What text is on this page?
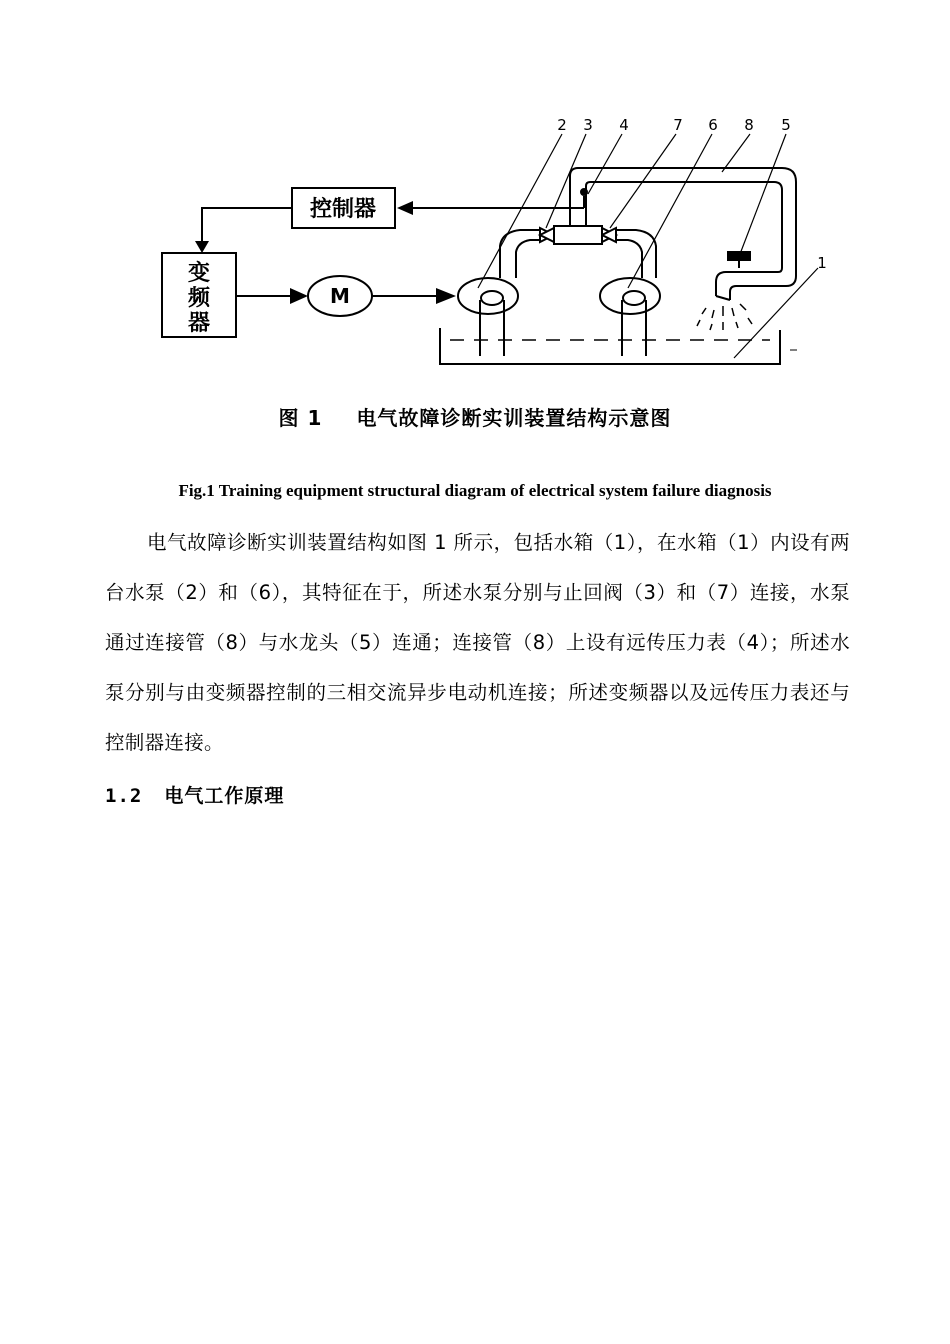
控制器
变
频
器
M
2 3 4	7 6 8 5
1
图 1 电气故障诊断实训装置结构示意图
Fig.1 Training equipment structural diagram of electrical system failure diagnosis
电气故障诊断实训装置结构如图 1 所示，包括水箱（1），在水箱（1）内设有两台水泵（2）和（6），其特征在于，所述水泵分别与止回阀（3）和（7）连接，水泵通过连接管（8）与水龙头（5）连通；连接管（8）上设有远传压力表（4）；所述水泵分别与由变频器控制的三相交流异步电动机连接；所述变频器以及远传压力表还与控制器连接。
1.2 电气工作原理
